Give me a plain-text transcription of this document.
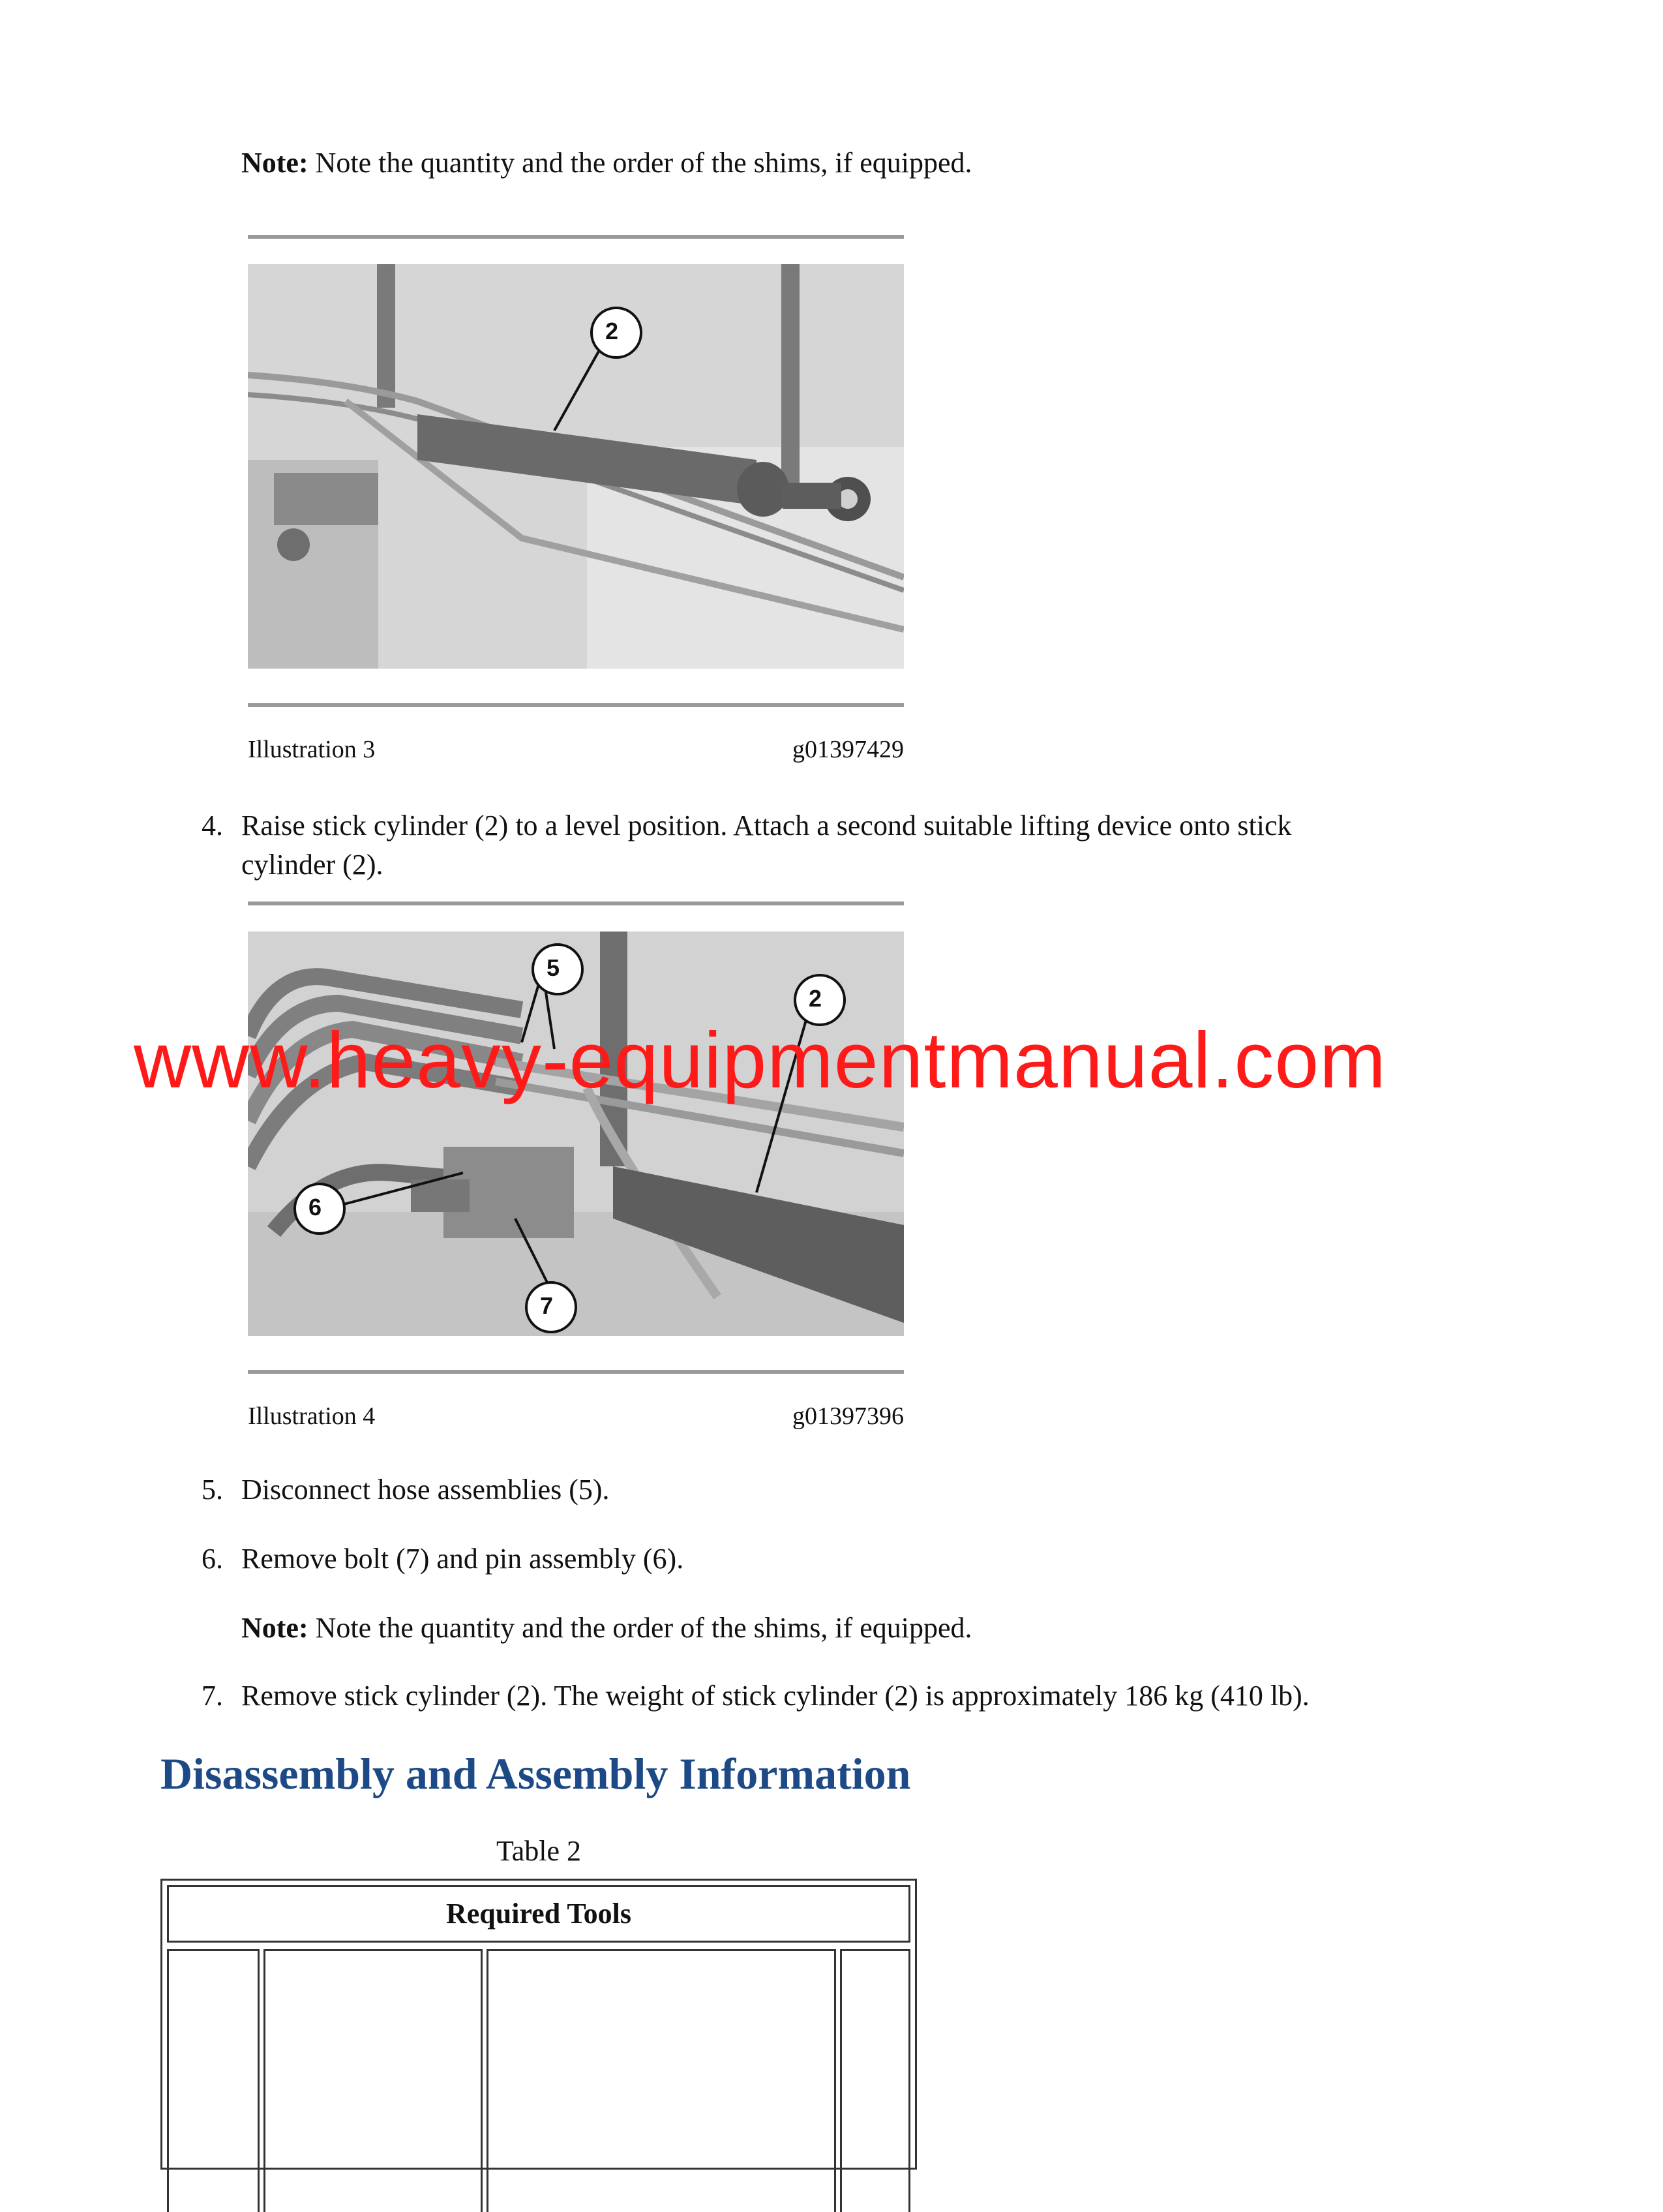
Note: Note the quantity and the order of the shims, if equipped.
2
Illustration 3	g01397429
4. Raise stick cylinder (2) to a level position. Attach a second suitable lifting device onto stick
cylinder (2).
5
2
6
7
Illustration 4	g01397396
www.heavy-equipmentmanual.com
5. Disconnect hose assemblies (5).
6. Remove bolt (7) and pin assembly (6).
Note: Note the quantity and the order of the shims, if equipped.
7. Remove stick cylinder (2). The weight of stick cylinder (2) is approximately 186 kg (410 lb).
Disassembly and Assembly Information
Table 2
Required Tools
